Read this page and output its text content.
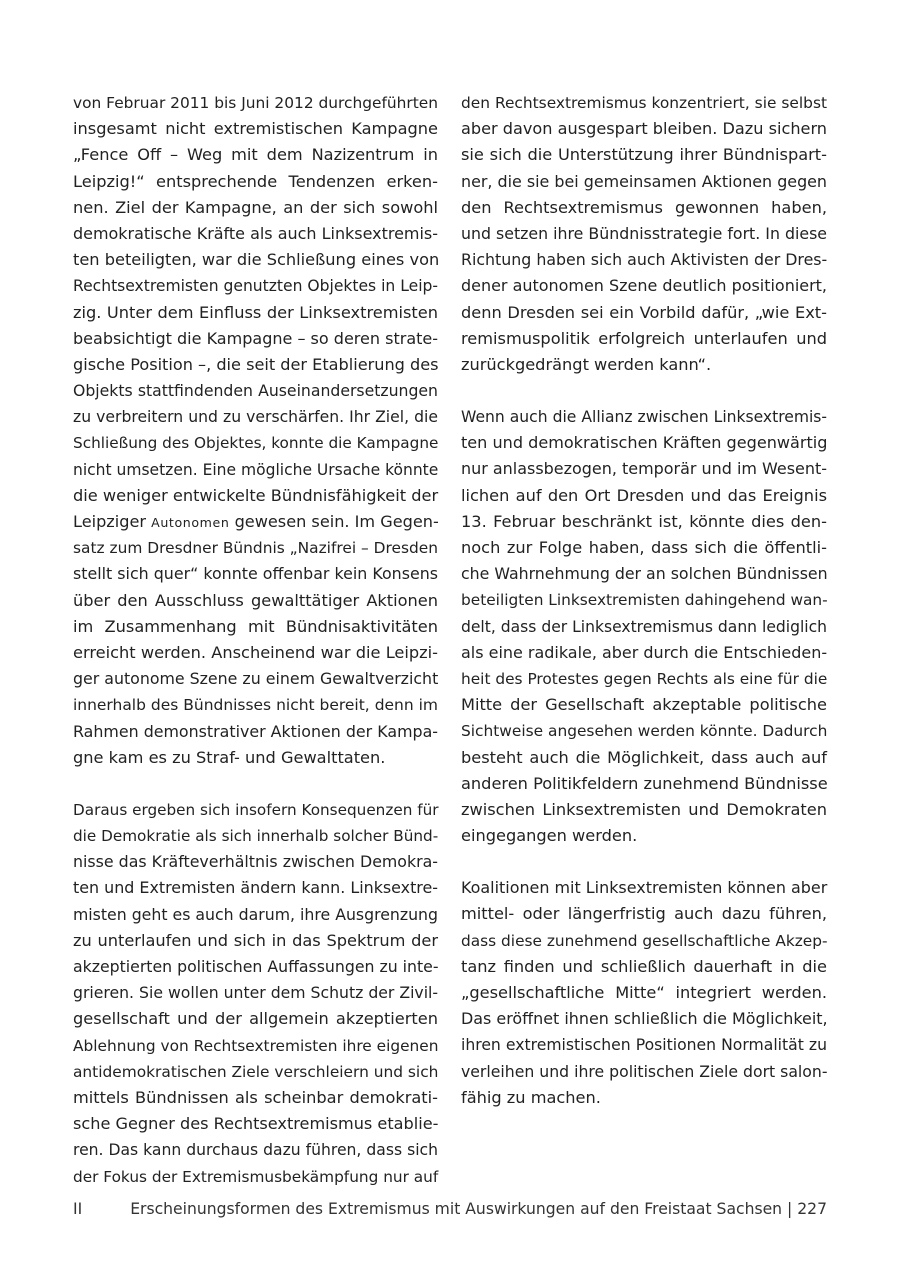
von Februar 2011 bis Juni 2012 durchgeführten
insgesamt nicht extremistischen Kampagne
„Fence Off – Weg mit dem Nazizentrum in
Leipzig!“ entsprechende Tendenzen erken-
nen. Ziel der Kampagne, an der sich sowohl
demokratische Kräfte als auch Linksextremis-
ten beteiligten, war die Schließung eines von
Rechtsextremisten genutzten Objektes in Leip-
zig. Unter dem Einfluss der Linksextremisten
beabsichtigt die Kampagne – so deren strate-
gische Position –, die seit der Etablierung des
Objekts stattfindenden Auseinandersetzungen
zu verbreitern und zu verschärfen. Ihr Ziel, die
Schließung des Objektes, konnte die Kampagne
nicht umsetzen. Eine mögliche Ursache könnte
die weniger entwickelte Bündnisfähigkeit der
Leipziger Autonomen gewesen sein. Im Gegen-
satz zum Dresdner Bündnis „Nazifrei – Dresden
stellt sich quer“ konnte offenbar kein Konsens
über den Ausschluss gewalttätiger Aktionen
im Zusammenhang mit Bündnisaktivitäten
erreicht werden. Anscheinend war die Leipzi-
ger autonome Szene zu einem Gewaltverzicht
innerhalb des Bündnisses nicht bereit, denn im
Rahmen demonstrativer Aktionen der Kampa-
gne kam es zu Straf- und Gewalttaten.
Daraus ergeben sich insofern Konsequenzen für
die Demokratie als sich innerhalb solcher Bünd-
nisse das Kräfteverhältnis zwischen Demokra-
ten und Extremisten ändern kann. Linksextre-
misten geht es auch darum, ihre Ausgrenzung
zu unterlaufen und sich in das Spektrum der
akzeptierten politischen Auffassungen zu inte-
grieren. Sie wollen unter dem Schutz der Zivil-
gesellschaft und der allgemein akzeptierten
Ablehnung von Rechtsextremisten ihre eigenen
antidemokratischen Ziele verschleiern und sich
mittels Bündnissen als scheinbar demokrati-
sche Gegner des Rechtsextremismus etablie-
ren. Das kann durchaus dazu führen, dass sich
der Fokus der Extremismusbekämpfung nur auf
den Rechtsextremismus konzentriert, sie selbst
aber davon ausgespart bleiben. Dazu sichern
sie sich die Unterstützung ihrer Bündnispart-
ner, die sie bei gemeinsamen Aktionen gegen
den Rechtsextremismus gewonnen haben,
und setzen ihre Bündnisstrategie fort. In diese
Richtung haben sich auch Aktivisten der Dres-
dener autonomen Szene deutlich positioniert,
denn Dresden sei ein Vorbild dafür, „wie Ext-
remismuspolitik erfolgreich unterlaufen und
zurückgedrängt werden kann“.
Wenn auch die Allianz zwischen Linksextremis-
ten und demokratischen Kräften gegenwärtig
nur anlassbezogen, temporär und im Wesent-
lichen auf den Ort Dresden und das Ereignis
13. Februar beschränkt ist, könnte dies den-
noch zur Folge haben, dass sich die öffentli-
che Wahrnehmung der an solchen Bündnissen
beteiligten Linksextremisten dahingehend wan-
delt, dass der Linksextremismus dann lediglich
als eine radikale, aber durch die Entschieden-
heit des Protestes gegen Rechts als eine für die
Mitte der Gesellschaft akzeptable politische
Sichtweise angesehen werden könnte. Dadurch
besteht auch die Möglichkeit, dass auch auf
anderen Politikfeldern zunehmend Bündnisse
zwischen Linksextremisten und Demokraten
eingegangen werden.
Koalitionen mit Linksextremisten können aber
mittel- oder längerfristig auch dazu führen,
dass diese zunehmend gesellschaftliche Akzep-
tanz finden und schließlich dauerhaft in die
„gesellschaftliche Mitte“ integriert werden.
Das eröffnet ihnen schließlich die Möglichkeit,
ihren extremistischen Positionen Normalität zu
verleihen und ihre politischen Ziele dort salon-
fähig zu machen.
II	Erscheinungsformen des Extremismus mit Auswirkungen auf den Freistaat Sachsen | 227
